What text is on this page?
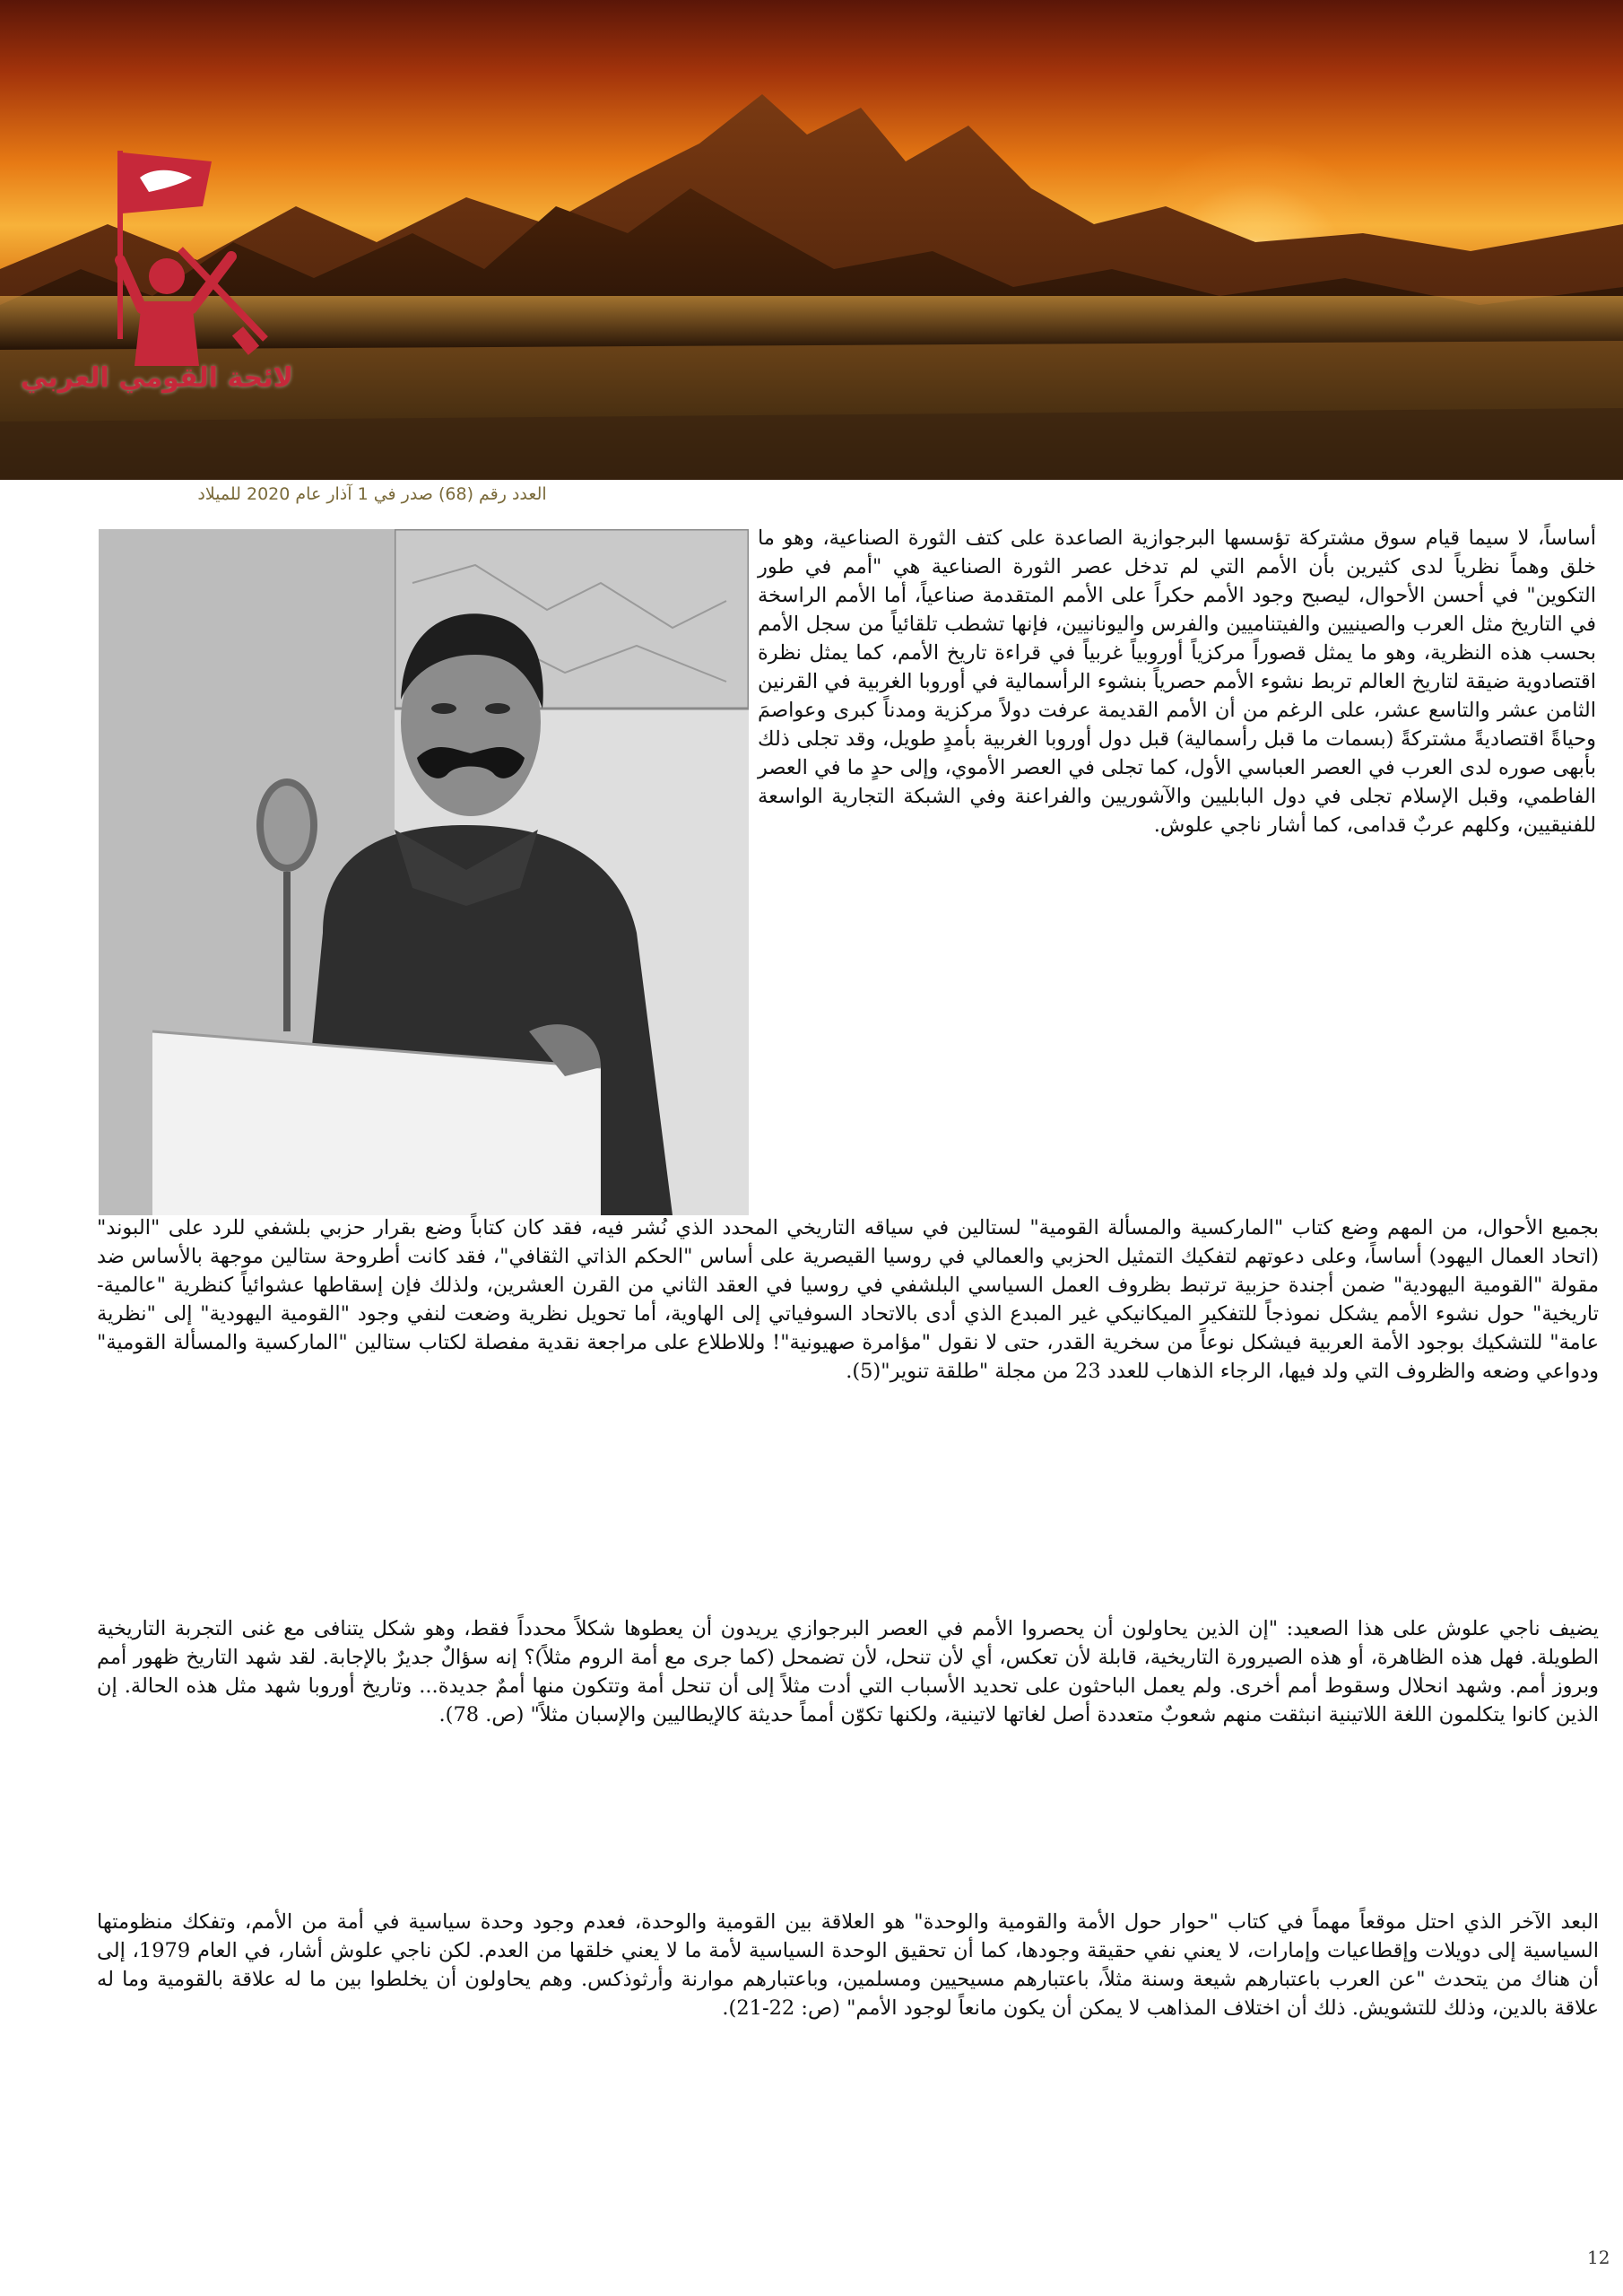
لائحة القومي العربي
العدد رقم (68) صدر في 1 آذار عام 2020 للميلاد

أساساً، لا سيما قيام سوق مشتركة تؤسسها البرجوازية الصاعدة على كتف الثورة الصناعية، وهو ما خلق وهماً نظرياً لدى كثيرين بأن الأمم التي لم تدخل عصر الثورة الصناعية هي "أمم في طور التكوين" في أحسن الأحوال، ليصبح وجود الأمم حكراً على الأمم المتقدمة صناعياً، أما الأمم الراسخة في التاريخ مثل العرب والصينيين والفيتناميين والفرس واليونانيين، فإنها تشطب تلقائياً من سجل الأمم بحسب هذه النظرية، وهو ما يمثل قصوراً مركزياً أوروبياً غربياً في قراءة تاريخ الأمم، كما يمثل نظرة اقتصادوية ضيقة لتاريخ العالم تربط نشوء الأمم حصرياً بنشوء الرأسمالية في أوروبا الغربية في القرنين الثامن عشر والتاسع عشر، على الرغم من أن الأمم القديمة عرفت دولاً مركزية ومدناً كبرى وعواصمَ وحياةً اقتصاديةً مشتركةً (بسمات ما قبل رأسمالية) قبل دول أوروبا الغربية بأمدٍ طويل، وقد تجلى ذلك بأبهى صوره لدى العرب في العصر العباسي الأول، كما تجلى في العصر الأموي، وإلى حدٍ ما في العصر الفاطمي، وقبل الإسلام تجلى في دول البابليين والآشوريين والفراعنة وفي الشبكة التجارية الواسعة للفنيقيين، وكلهم عربٌ قدامى، كما أشار ناجي علوش.

بجميع الأحوال، من المهم وضع كتاب "الماركسية والمسألة القومية" لستالين في سياقه التاريخي المحدد الذي نُشر فيه، فقد كان كتاباً وضع بقرار حزبي بلشفي للرد على "البوند" (اتحاد العمال اليهود) أساساً، وعلى دعوتهم لتفكيك التمثيل الحزبي والعمالي في روسيا القيصرية على أساس "الحكم الذاتي الثقافي"، فقد كانت أطروحة ستالين موجهة بالأساس ضد مقولة "القومية اليهودية" ضمن أجندة حزبية ترتبط بظروف العمل السياسي البلشفي في روسيا في العقد الثاني من القرن العشرين، ولذلك فإن إسقاطها عشوائياً كنظرية "عالمية-تاريخية" حول نشوء الأمم يشكل نموذجاً للتفكير الميكانيكي غير المبدع الذي أدى بالاتحاد السوفياتي إلى الهاوية، أما تحويل نظرية وضعت لنفي وجود "القومية اليهودية" إلى "نظرية عامة" للتشكيك بوجود الأمة العربية فيشكل نوعاً من سخرية القدر، حتى لا نقول "مؤامرة صهيونية"! وللاطلاع على مراجعة نقدية مفصلة لكتاب ستالين "الماركسية والمسألة القومية" ودواعي وضعه والظروف التي ولد فيها، الرجاء الذهاب للعدد 23 من مجلة "طلقة تنوير"(5).

يضيف ناجي علوش على هذا الصعيد: "إن الذين يحاولون أن يحصروا الأمم في العصر البرجوازي يريدون أن يعطوها شكلاً محدداً فقط، وهو شكل يتنافى مع غنى التجربة التاريخية الطويلة. فهل هذه الظاهرة، أو هذه الصيرورة التاريخية، قابلة لأن تعكس، أي لأن تنحل، لأن تضمحل (كما جرى مع أمة الروم مثلاً)؟ إنه سؤالٌ جديرٌ بالإجابة. لقد شهد التاريخ ظهور أمم وبروز أمم. وشهد انحلال وسقوط أمم أخرى. ولم يعمل الباحثون على تحديد الأسباب التي أدت مثلاً إلى أن تنحل أمة وتتكون منها أممٌ جديدة... وتاريخ أوروبا شهد مثل هذه الحالة. إن الذين كانوا يتكلمون اللغة اللاتينية انبثقت منهم شعوبٌ متعددة أصل لغاتها لاتينية، ولكنها تكوّن أمماً حديثة كالإيطاليين والإسبان مثلاً" (ص. 78).

البعد الآخر الذي احتل موقعاً مهماً في كتاب "حوار حول الأمة والقومية والوحدة" هو العلاقة بين القومية والوحدة، فعدم وجود وحدة سياسية في أمة من الأمم، وتفكك منظومتها السياسية إلى دويلات وإقطاعيات وإمارات، لا يعني نفي حقيقة وجودها، كما أن تحقيق الوحدة السياسية لأمة ما لا يعني خلقها من العدم. لكن ناجي علوش أشار، في العام 1979، إلى أن هناك من يتحدث "عن العرب باعتبارهم شيعة وسنة مثلاً، باعتبارهم مسيحيين ومسلمين، وباعتبارهم موارنة وأرثوذكس. وهم يحاولون أن يخلطوا بين ما له علاقة بالقومية وما له علاقة بالدين، وذلك للتشويش. ذلك أن اختلاف المذاهب لا يمكن أن يكون مانعاً لوجود الأمم" (ص: 22-21).

12
